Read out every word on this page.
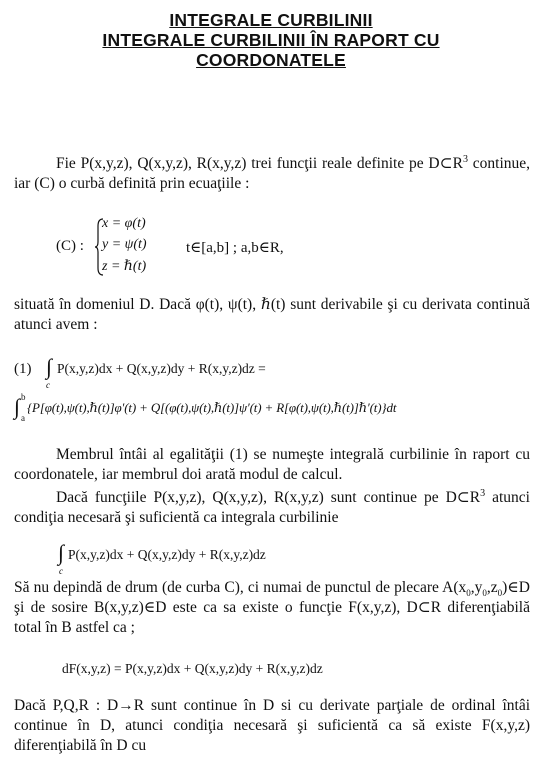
INTEGRALE CURBILINII
INTEGRALE CURBILINII ÎN RAPORT CU
COORDONATELE
Fie P(x,y,z), Q(x,y,z), R(x,y,z) trei funcţii reale definite pe $D\subset R^3$ continue, iar (C) o curbă definită prin ecuaţiile :
(C) :
x = φ(t)
y = ψ(t)
z = ℏ(t)
t∈[a,b] ; a,b∈R,
situată în domeniul D. Dacă φ(t), ψ(t), ℏ(t) sunt derivabile şi cu derivata continuă atunci avem :
(1) ∫
c
P(x,y,z)dx + Q(x,y,z)dy + R(x,y,z)dz =
∫ b
a
{P[φ(t),ψ(t),ℏ(t)]φ′(t) + Q[(φ(t),ψ(t),ℏ(t)]ψ′(t) + R[φ(t),ψ(t),ℏ(t)]ℏ′(t)}dt
Membrul întâi al egalităţii (1) se numeşte integrală curbilinie în raport cu coordonatele, iar membrul doi arată modul de calcul.
Dacă funcţiile P(x,y,z), Q(x,y,z), R(x,y,z) sunt continue pe $D\subset R^3$ atunci condiţia necesară şi suficientă ca integrala curbilinie
∫
c
P(x,y,z)dx + Q(x,y,z)dy + R(x,y,z)dz
Să nu depindă de drum (de curba C), ci numai de punctul de plecare $A(x_0,y_0,z_0)\in D$ şi de sosire B(x,y,z)∈D este ca sa existe o funcţie F(x,y,z), D⊂R diferenţiabilă total în B astfel ca ;
dF(x,y,z) = P(x,y,z)dx + Q(x,y,z)dy + R(x,y,z)dz
Dacă P,Q,R : D→R sunt continue în D si cu derivate parţiale de ordinal întâi continue în D, atunci condiţia necesară şi suficientă ca să existe F(x,y,z) diferenţiabilă în D cu
